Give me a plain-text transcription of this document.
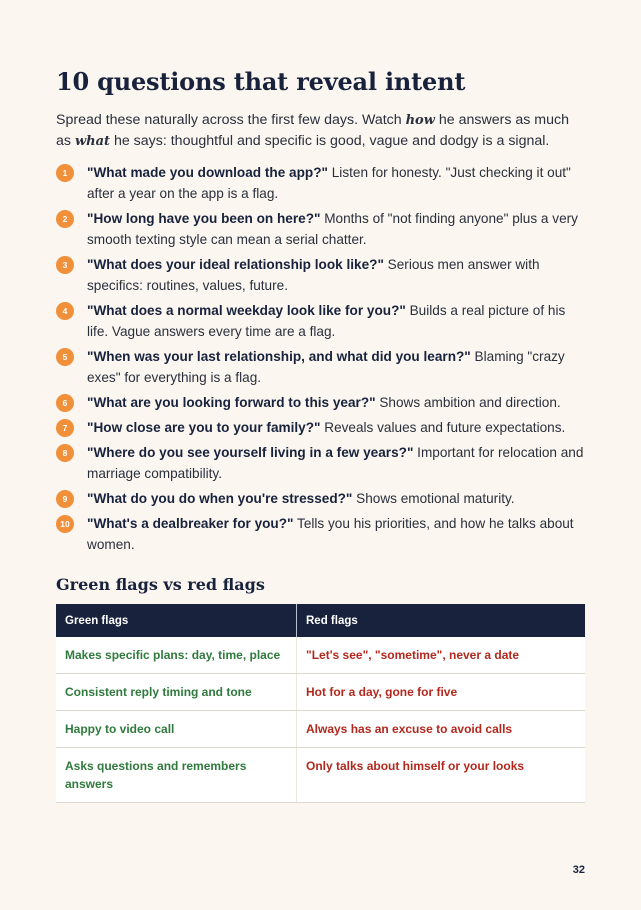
10 questions that reveal intent

Spread these naturally across the first few days. Watch how he answers as much as what he says: thoughtful and specific is good, vague and dodgy is a signal.

1	"What made you download the app?" Listen for honesty. "Just checking it out" after a year on the app is a flag.
2	"How long have you been on here?" Months of "not finding anyone" plus a very smooth texting style can mean a serial chatter.
3	"What does your ideal relationship look like?" Serious men answer with specifics: routines, values, future.
4	"What does a normal weekday look like for you?" Builds a real picture of his life. Vague answers every time are a flag.
5	"When was your last relationship, and what did you learn?" Blaming "crazy exes" for everything is a flag.
6	"What are you looking forward to this year?" Shows ambition and direction.
7	"How close are you to your family?" Reveals values and future expectations.
8	"Where do you see yourself living in a few years?" Important for relocation and marriage compatibility.
9	"What do you do when you're stressed?" Shows emotional maturity.
10	"What's a dealbreaker for you?" Tells you his priorities, and how he talks about women.
Green flags vs red flags
Green flags	Red flags
Makes specific plans: day, time, place	"Let's see", "sometime", never a date
Consistent reply timing and tone	Hot for a day, gone for five
Happy to video call	Always has an excuse to avoid calls
Asks questions and remembers answers	Only talks about himself or your looks
32
